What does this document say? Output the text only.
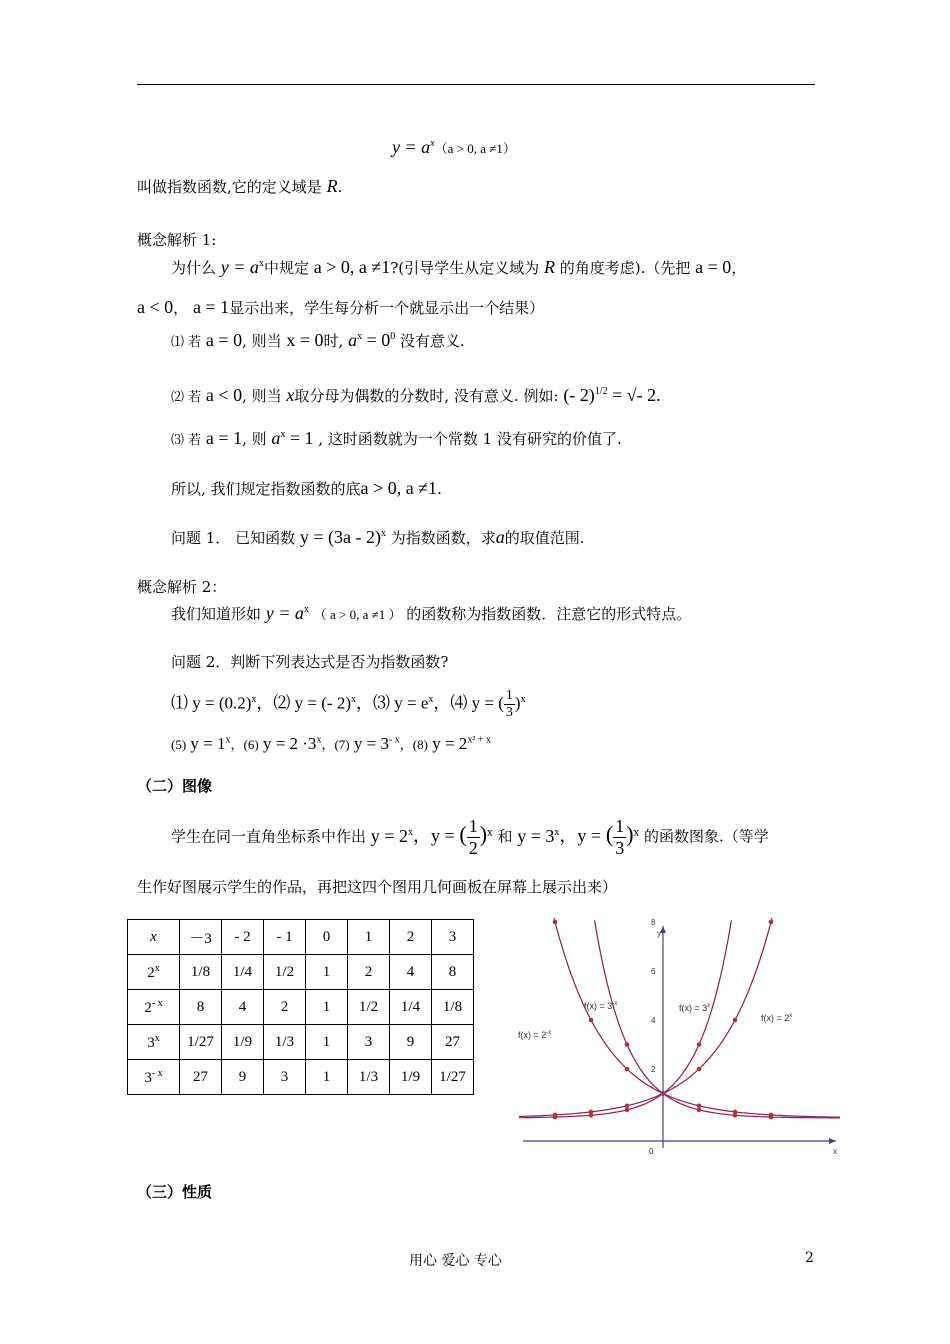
$y = a^x(a > 0$, a ≠1）
叫做指数函数,它的定义域是 R.
概念解析 1:
为什么 $y = a^x$中规定 a > 0, a ≠1?(引导学生从定义域为 R 的角度考虑).（先把 a = 0，
a < 0， a = 1显示出来，学生每分析一个就显示出一个结果）
⑴ 若 a = 0, 则当 x = 0时, $a^x = 0^0$ 没有意义.
⑵ 若 a < 0, 则当 x取分母为偶数的分数时, 没有意义. 例如: (- 2)$^{1/2}$ = √- 2.
⑶ 若 a = 1, 则 $a^x = 1$ , 这时函数就为一个常数 1 没有研究的价值了.
所以, 我们规定指数函数的底a > 0, a ≠1.
问题 1． 已知函数 y = (3a - 2)$^x$ 为指数函数，求a的取值范围.
概念解析 2：
我们知道形如 $y = a^x$ （ a > 0, a ≠1 ） 的函数称为指数函数．注意它的形式特点。
问题 2．判断下列表达式是否为指数函数?
⑴ $y = (0.2)^x$，⑵ y = (- 2)$^x$，⑶ $y = e^x$，⑷ y = ( $\frac{1}{3} )^x$
(5) $y = 1^x$，(6) $y = 2 \cdot 3^x$，(7) $y = 3^{- x}$，(8) $y = 2^{x^2 + x}$
（二）图像
学生在同一直角坐标系中作出 $y = 2^x$，y = ( $\frac{1}{2} )^x$ 和 $y = 3^x$，y = ( $\frac{1}{3} )^x$ 的函数图象.（等学
生作好图展示学生的作品，再把这四个图用几何画板在屏幕上展示出来）
x	－3	- 2	- 1	0	1	2	3
2$^x$	1/8	1/4	1/2	1	2	4	8
$2^{- x}$	8	4	2	1	1/2	1/4	1/8
3$^x$	1/27	1/9	1/3	1	3	9	27
$3^{- x}$	27	9	3	1	1/3	1/9	1/27
y
x
0
2
4
6
8
$f(x) = 2^{-x}$
$f(x) = 3^{-x}$	$f(x) = 3^x$
$f(x) = 2^x$
（三）性质
用心 爱心 专心	2
